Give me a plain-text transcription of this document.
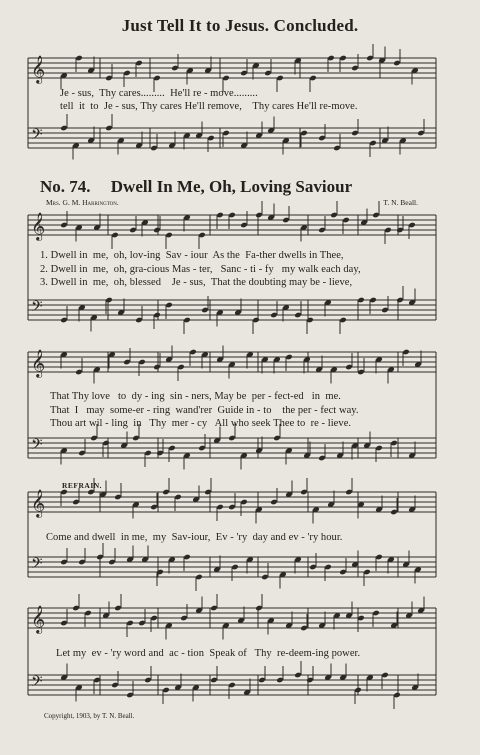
Just Tell It to Jesus. Concluded.
𝄞
𝄢
𝄞
𝄢
𝄞
𝄢
𝄞
𝄢
𝄞
𝄢
Je - sus,  Thy cares.........  He'll re - move.........
tell  it  to  Je - sus, Thy cares He'll remove,    Thy cares He'll re-move.
No. 74. Dwell In Me, Oh, Loving Saviour
Mrs. G. M. Harrington.	T. N. Beall.
1. Dwell in  me,  oh, lov-ing  Sav - iour  As the  Fa-ther dwells in Thee,
2. Dwell in  me,  oh, gra-cious Mas - ter,   Sanc - ti - fy   my walk each day,
3. Dwell in  me,  oh, blessed    Je - sus,  That the doubting may be - lieve,
That Thy love   to  dy - ing  sin - ners, May be  per - fect-ed   in  me.
That  I   may  some-er - ring  wand'rer  Guide in - to    the per - fect way.
Thou art wil - ling  in   Thy  mer - cy   All who seek Thee to  re - lieve.
REFRAIN.
Come and dwell  in me,  my  Sav-iour,  Ev - 'ry  day and ev - 'ry hour.
Let my  ev - 'ry word and  ac - tion  Speak of   Thy  re-deem-ing power.
Copyright, 1903, by T. N. Beall.
